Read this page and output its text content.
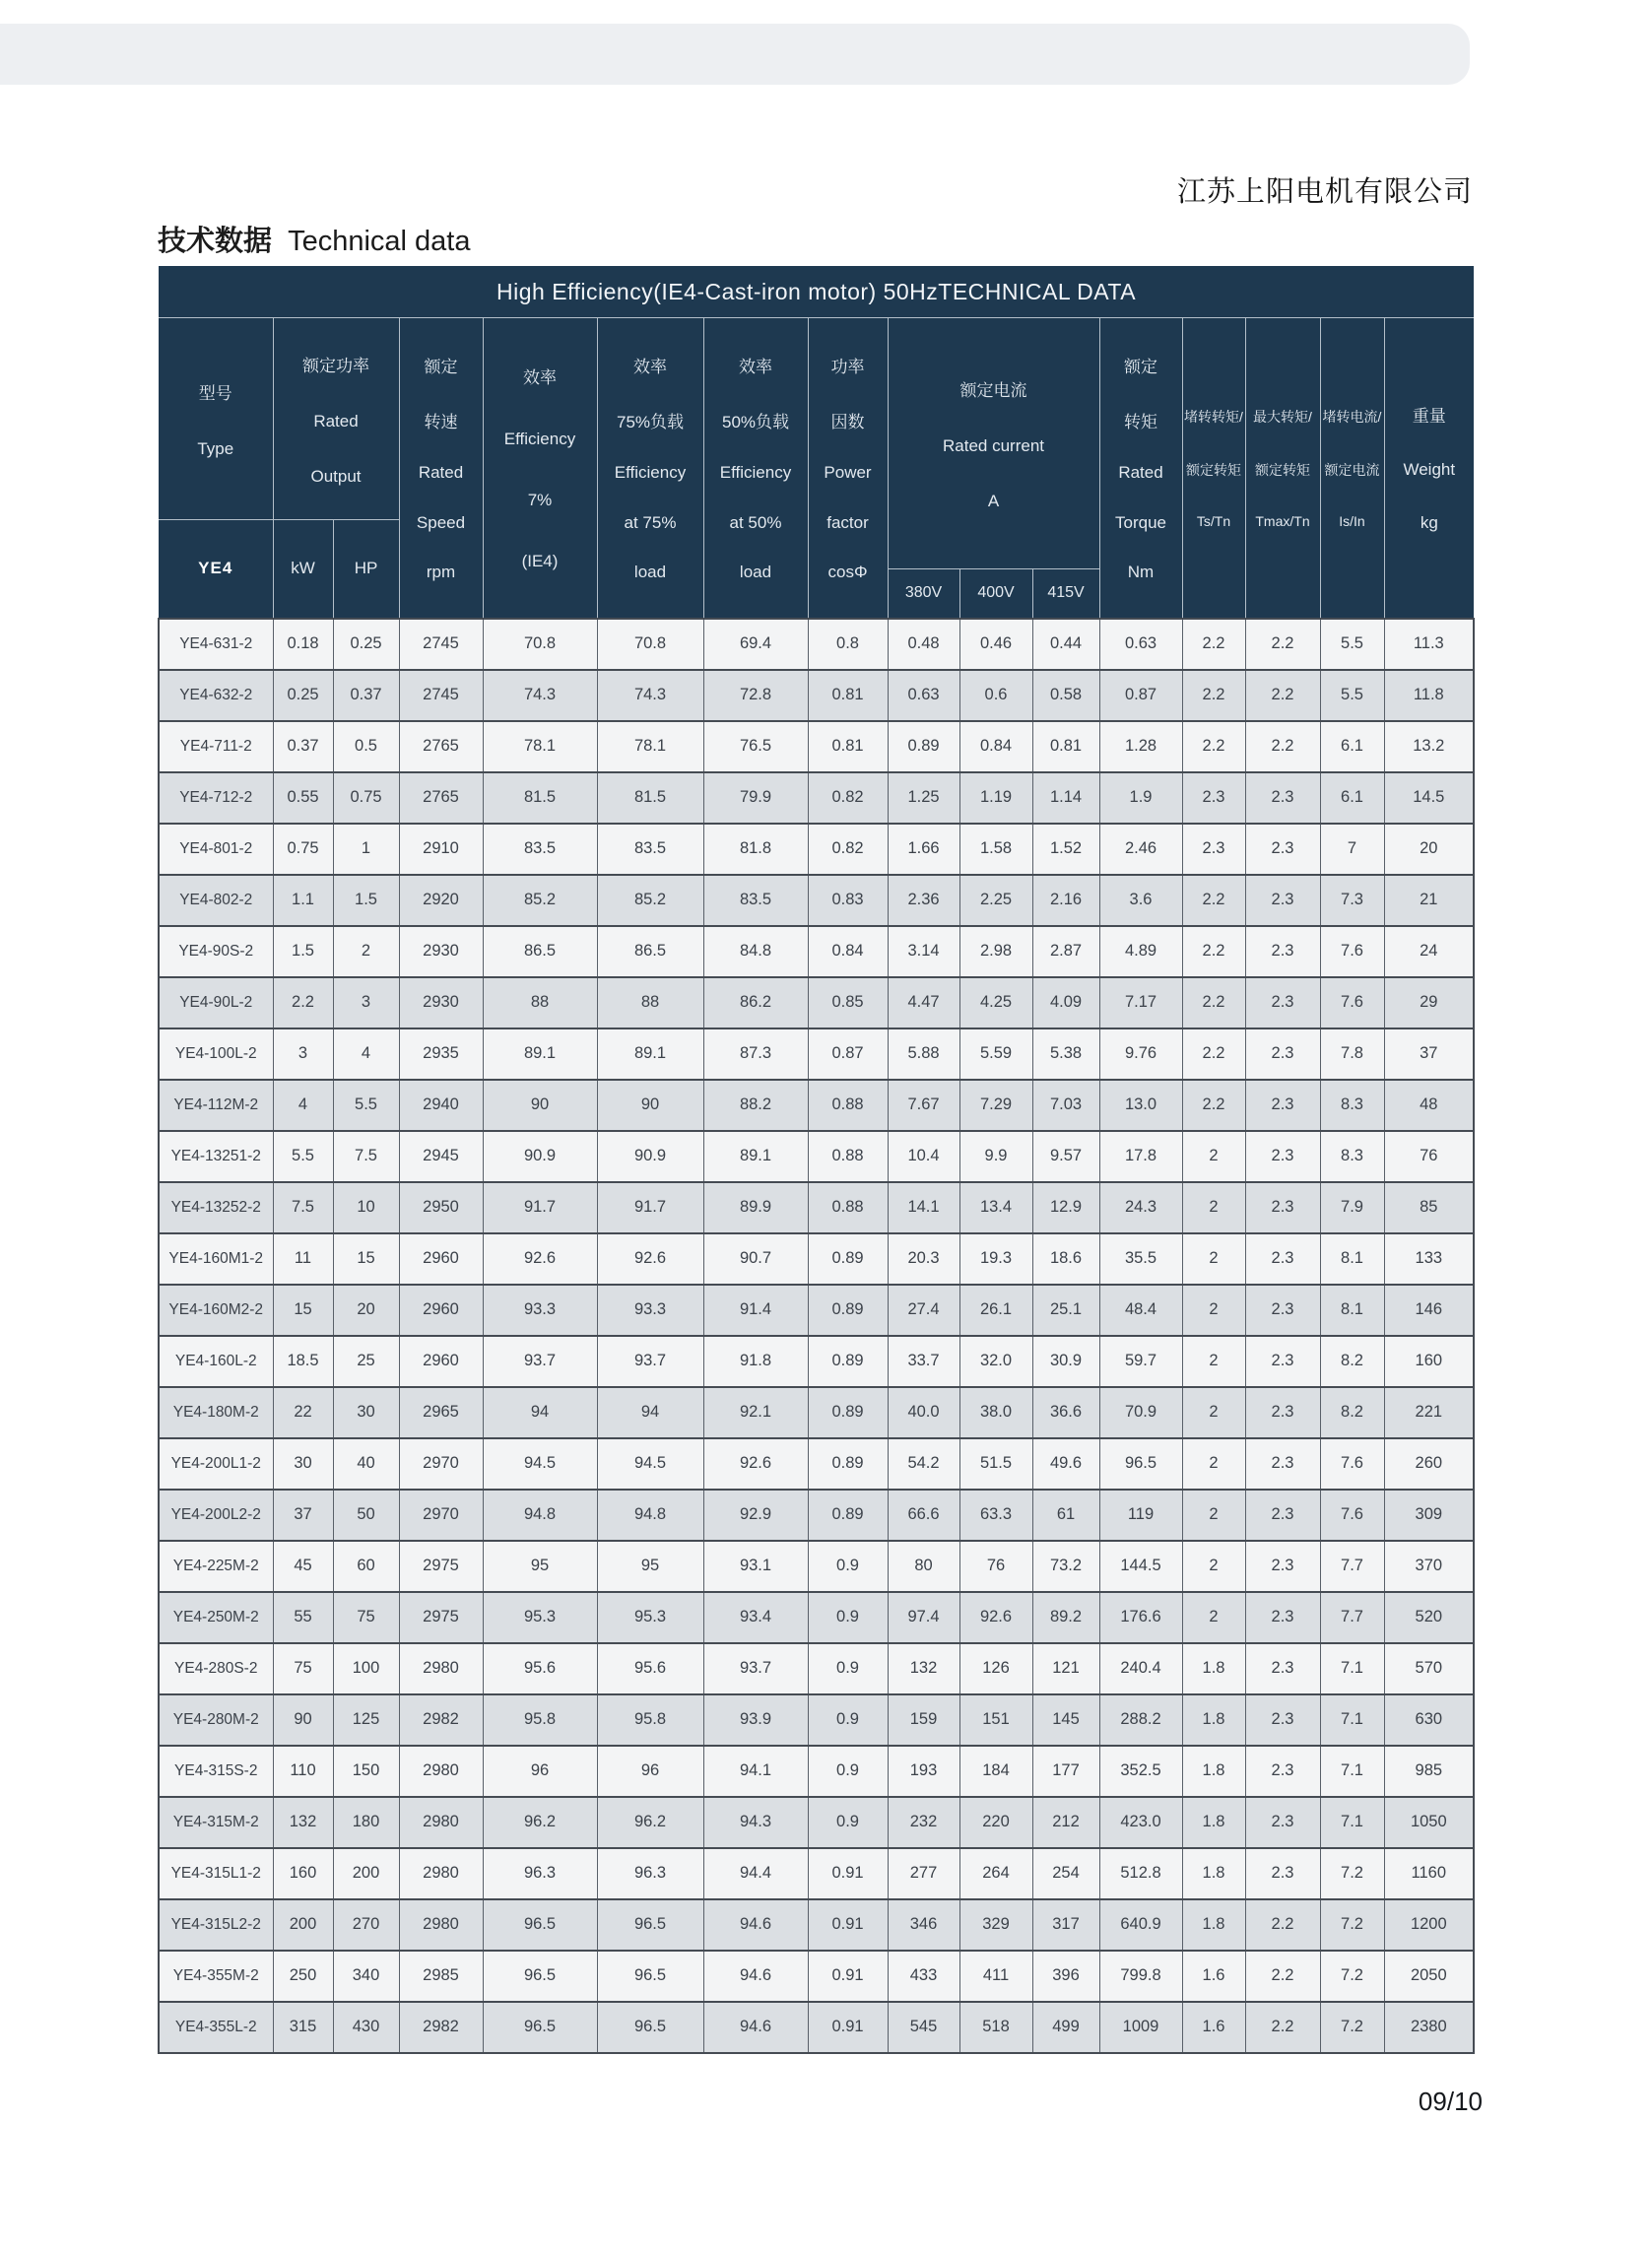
江苏上阳电机有限公司
技术数据 Technical data
High Efficiency(IE4-Cast-iron motor) 50HzTECHNICAL DATA															

型号
Type

额定功率
Rated
Output

额定
转速
Rated
Speed
rpm

效率
Efficiency
7%
(IE4)

效率
75%负载
Efficiency
at 75%
load

效率
50%负载
Efficiency
at 50%
load

功率
因数
Power
factor
cosΦ

额定电流
Rated current
A

额定
转矩
Rated
Torque
Nm

堵转转矩/
额定转矩
Ts/Tn

最大转矩/
额定转矩
Tmax/Tn

堵转电流/
额定电流
Is/In

重量
Weight
kg

YE4	kW	HP													
								380V	400V	415V					
YE4-631-2	0.18	0.25	2745	70.8	70.8	69.4	0.8	0.48	0.46	0.44	0.63	2.2	2.2	5.5	11.3
YE4-632-2	0.25	0.37	2745	74.3	74.3	72.8	0.81	0.63	0.6	0.58	0.87	2.2	2.2	5.5	11.8
YE4-711-2	0.37	0.5	2765	78.1	78.1	76.5	0.81	0.89	0.84	0.81	1.28	2.2	2.2	6.1	13.2
YE4-712-2	0.55	0.75	2765	81.5	81.5	79.9	0.82	1.25	1.19	1.14	1.9	2.3	2.3	6.1	14.5
YE4-801-2	0.75	1	2910	83.5	83.5	81.8	0.82	1.66	1.58	1.52	2.46	2.3	2.3	7	20
YE4-802-2	1.1	1.5	2920	85.2	85.2	83.5	0.83	2.36	2.25	2.16	3.6	2.2	2.3	7.3	21
YE4-90S-2	1.5	2	2930	86.5	86.5	84.8	0.84	3.14	2.98	2.87	4.89	2.2	2.3	7.6	24
YE4-90L-2	2.2	3	2930	88	88	86.2	0.85	4.47	4.25	4.09	7.17	2.2	2.3	7.6	29
YE4-100L-2	3	4	2935	89.1	89.1	87.3	0.87	5.88	5.59	5.38	9.76	2.2	2.3	7.8	37
YE4-112M-2	4	5.5	2940	90	90	88.2	0.88	7.67	7.29	7.03	13.0	2.2	2.3	8.3	48
YE4-13251-2	5.5	7.5	2945	90.9	90.9	89.1	0.88	10.4	9.9	9.57	17.8	2	2.3	8.3	76
YE4-13252-2	7.5	10	2950	91.7	91.7	89.9	0.88	14.1	13.4	12.9	24.3	2	2.3	7.9	85
YE4-160M1-2	11	15	2960	92.6	92.6	90.7	0.89	20.3	19.3	18.6	35.5	2	2.3	8.1	133
YE4-160M2-2	15	20	2960	93.3	93.3	91.4	0.89	27.4	26.1	25.1	48.4	2	2.3	8.1	146
YE4-160L-2	18.5	25	2960	93.7	93.7	91.8	0.89	33.7	32.0	30.9	59.7	2	2.3	8.2	160
YE4-180M-2	22	30	2965	94	94	92.1	0.89	40.0	38.0	36.6	70.9	2	2.3	8.2	221
YE4-200L1-2	30	40	2970	94.5	94.5	92.6	0.89	54.2	51.5	49.6	96.5	2	2.3	7.6	260
YE4-200L2-2	37	50	2970	94.8	94.8	92.9	0.89	66.6	63.3	61	119	2	2.3	7.6	309
YE4-225M-2	45	60	2975	95	95	93.1	0.9	80	76	73.2	144.5	2	2.3	7.7	370
YE4-250M-2	55	75	2975	95.3	95.3	93.4	0.9	97.4	92.6	89.2	176.6	2	2.3	7.7	520
YE4-280S-2	75	100	2980	95.6	95.6	93.7	0.9	132	126	121	240.4	1.8	2.3	7.1	570
YE4-280M-2	90	125	2982	95.8	95.8	93.9	0.9	159	151	145	288.2	1.8	2.3	7.1	630
YE4-315S-2	110	150	2980	96	96	94.1	0.9	193	184	177	352.5	1.8	2.3	7.1	985
YE4-315M-2	132	180	2980	96.2	96.2	94.3	0.9	232	220	212	423.0	1.8	2.3	7.1	1050
YE4-315L1-2	160	200	2980	96.3	96.3	94.4	0.91	277	264	254	512.8	1.8	2.3	7.2	1160
YE4-315L2-2	200	270	2980	96.5	96.5	94.6	0.91	346	329	317	640.9	1.8	2.2	7.2	1200
YE4-355M-2	250	340	2985	96.5	96.5	94.6	0.91	433	411	396	799.8	1.6	2.2	7.2	2050
YE4-355L-2	315	430	2982	96.5	96.5	94.6	0.91	545	518	499	1009	1.6	2.2	7.2	2380
09/10
